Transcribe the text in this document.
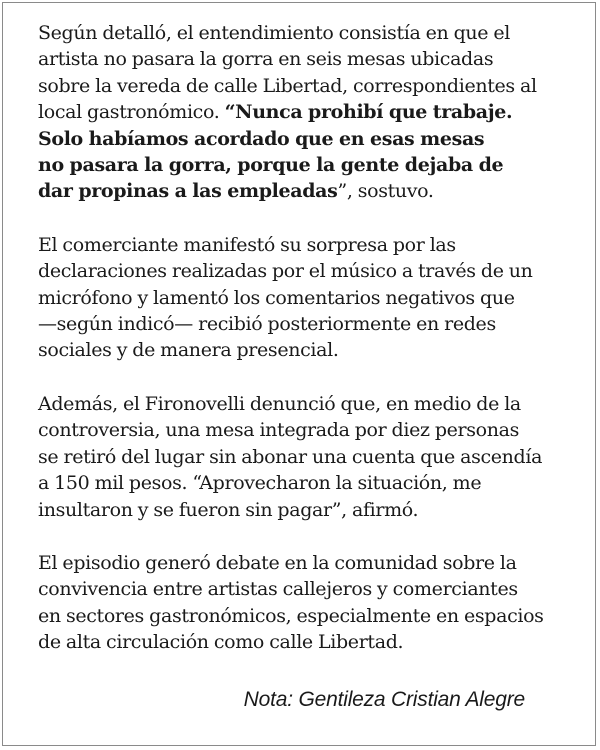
Según detalló, el entendimiento consistía en que el
artista no pasara la gorra en seis mesas ubicadas
sobre la vereda de calle Libertad, correspondientes al
local gastronómico. “Nunca prohibí que trabaje.
Solo habíamos acordado que en esas mesas
no pasara la gorra, porque la gente dejaba de
dar propinas a las empleadas”, sostuvo.

El comerciante manifestó su sorpresa por las
declaraciones realizadas por el músico a través de un
micrófono y lamentó los comentarios negativos que
—según indicó— recibió posteriormente en redes
sociales y de manera presencial.

Además, el Fironovelli denunció que, en medio de la
controversia, una mesa integrada por diez personas
se retiró del lugar sin abonar una cuenta que ascendía
a 150 mil pesos. “Aprovecharon la situación, me
insultaron y se fueron sin pagar”, afirmó.

El episodio generó debate en la comunidad sobre la
convivencia entre artistas callejeros y comerciantes
en sectores gastronómicos, especialmente en espacios
de alta circulación como calle Libertad.

Nota: Gentileza Cristian Alegre
